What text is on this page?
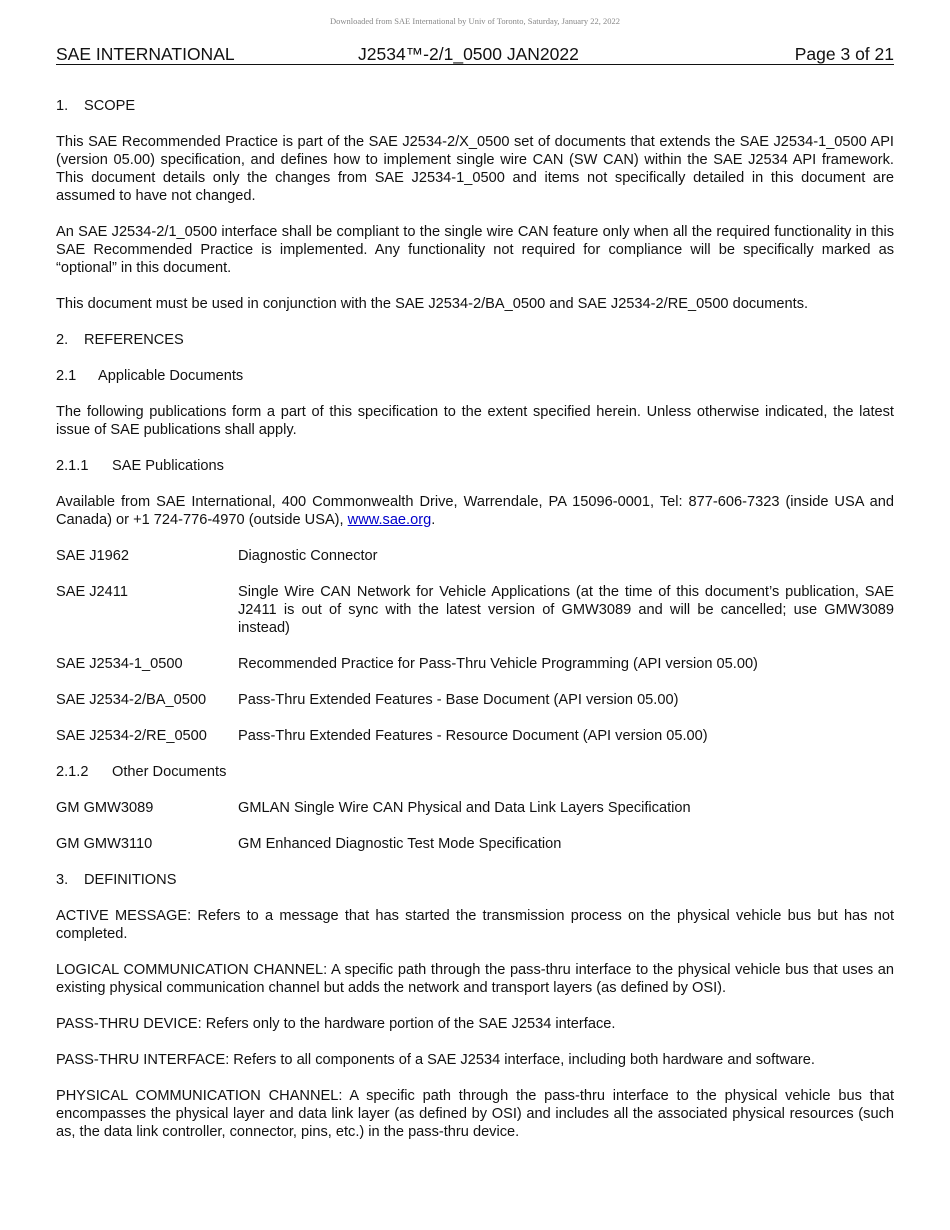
Downloaded from SAE International by Univ of Toronto, Saturday, January 22, 2022
SAE INTERNATIONAL	J2534™-2/1_0500 JAN2022	Page 3 of 21
1. SCOPE

This SAE Recommended Practice is part of the SAE J2534-2/X_0500 set of documents that extends the SAE J2534-1_0500 API (version 05.00) specification, and defines how to implement single wire CAN (SW CAN) within the SAE J2534 API framework. This document details only the changes from SAE J2534-1_0500 and items not specifically detailed in this document are assumed to have not changed.

An SAE J2534-2/1_0500 interface shall be compliant to the single wire CAN feature only when all the required functionality in this SAE Recommended Practice is implemented. Any functionality not required for compliance will be specifically marked as “optional” in this document.

This document must be used in conjunction with the SAE J2534-2/BA_0500 and SAE J2534-2/RE_0500 documents.

2. REFERENCES
2.1 Applicable Documents

The following publications form a part of this specification to the extent specified herein. Unless otherwise indicated, the latest issue of SAE publications shall apply.

2.1.1 SAE Publications

Available from SAE International, 400 Commonwealth Drive, Warrendale, PA 15096-0001, Tel: 877-606-7323 (inside USA and Canada) or +1 724-776-4970 (outside USA), www.sae.org.

SAE J1962	Diagnostic Connector
SAE J2411	Single Wire CAN Network for Vehicle Applications (at the time of this document’s publication, SAE J2411 is out of sync with the latest version of GMW3089 and will be cancelled; use GMW3089 instead)
SAE J2534-1_0500	Recommended Practice for Pass-Thru Vehicle Programming (API version 05.00)
SAE J2534-2/BA_0500	Pass-Thru Extended Features - Base Document (API version 05.00)
SAE J2534-2/RE_0500	Pass-Thru Extended Features - Resource Document (API version 05.00)
2.1.2 Other Documents
GM GMW3089	GMLAN Single Wire CAN Physical and Data Link Layers Specification
GM GMW3110	GM Enhanced Diagnostic Test Mode Specification
3. DEFINITIONS

ACTIVE MESSAGE: Refers to a message that has started the transmission process on the physical vehicle bus but has not completed.

LOGICAL COMMUNICATION CHANNEL: A specific path through the pass-thru interface to the physical vehicle bus that uses an existing physical communication channel but adds the network and transport layers (as defined by OSI).

PASS-THRU DEVICE: Refers only to the hardware portion of the SAE J2534 interface.

PASS-THRU INTERFACE: Refers to all components of a SAE J2534 interface, including both hardware and software.

PHYSICAL COMMUNICATION CHANNEL: A specific path through the pass-thru interface to the physical vehicle bus that encompasses the physical layer and data link layer (as defined by OSI) and includes all the associated physical resources (such as, the data link controller, connector, pins, etc.) in the pass-thru device.
